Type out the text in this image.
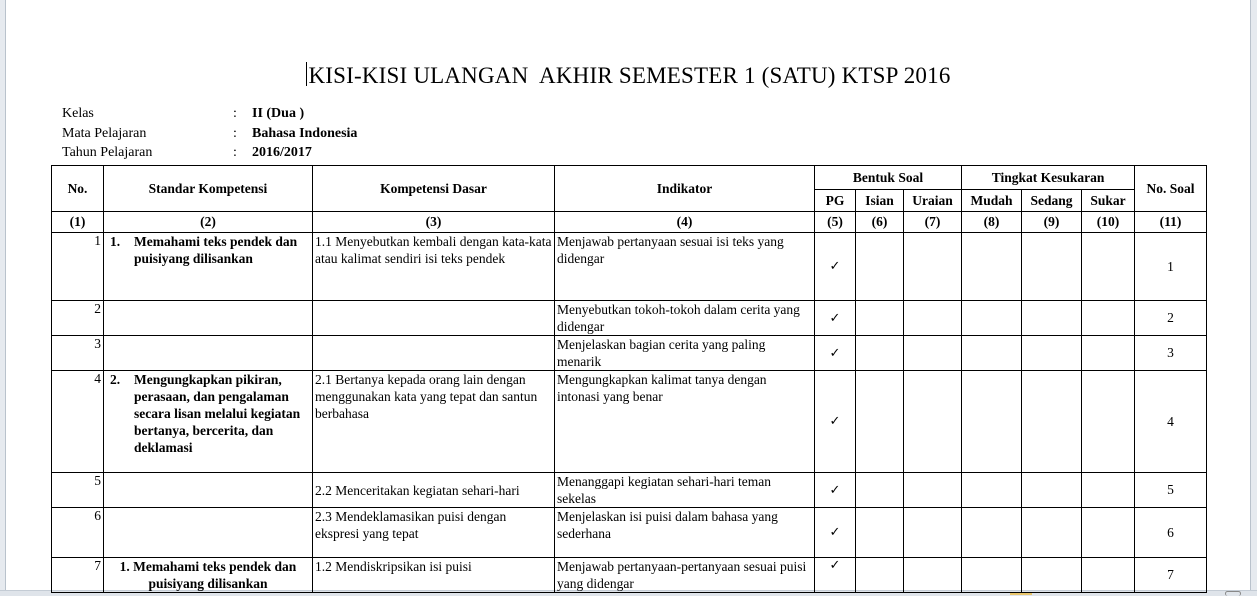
KISI-KISI ULANGAN  AKHIR SEMESTER 1 (SATU) KTSP 2016
Kelas	: II (Dua )
Mata Pelajaran	: Bahasa Indonesia
Tahun Pelajaran	: 2016/2017
No.	Standar Kompetensi	Kompetensi Dasar	Indikator	Bentuk Soal			Tingkat Kesukaran			No. Soal
				PG	Isian	Uraian	Mudah	Sedang	Sukar	
(1)	(2)	(3)	(4)	(5)	(6)	(7)	(8)	(9)	(10)	(11)
1	1. Memahami teks pendek dan puisiyang dilisankan	1.1 Menyebutkan kembali dengan kata-kata atau kalimat sendiri isi teks pendek	Menjawab pertanyaan sesuai isi teks yang didengar	✓						1
2			Menyebutkan tokoh-tokoh dalam cerita yang didengar	✓						2
3			Menjelaskan bagian cerita yang paling menarik	✓						3
4	2. Mengungkapkan pikiran, perasaan, dan pengalaman secara lisan melalui kegiatan bertanya, bercerita, dan deklamasi	2.1 Bertanya kepada orang lain dengan menggunakan kata yang tepat dan santun berbahasa	Mengungkapkan kalimat tanya dengan intonasi yang benar	✓						4
5		2.2 Menceritakan kegiatan sehari-hari	Menanggapi kegiatan sehari-hari teman sekelas	✓						5
6		2.3 Mendeklamasikan puisi dengan ekspresi yang tepat	Menjelaskan isi puisi dalam bahasa yang sederhana	✓						6
7	1. Memahami teks pendek dan puisiyang dilisankan	1.2 Mendiskripsikan isi puisi	Menjawab pertanyaan-pertanyaan sesuai puisi yang didengar	✓						7
